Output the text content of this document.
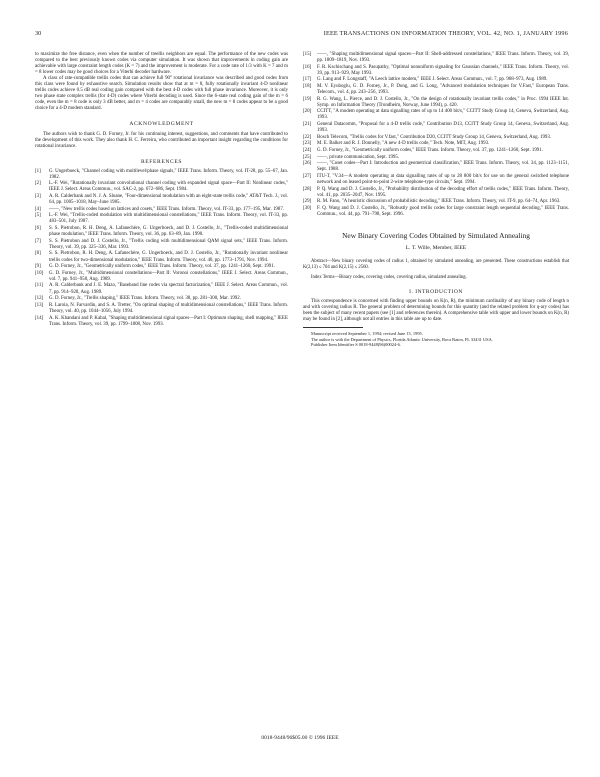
30	IEEE TRANSACTIONS ON INFORMATION THEORY, VOL. 42, NO. 1, JANUARY 1996

to maximize the free distance, even when the number of treellis neighbors are equal. The performance of the new codes was compared to the best previously known codes via computer simulation. It was shown that improvements in coding gain are achievable with large constraint length codes (K = 7) and the improvement is moderate. For a code rate of 1/3 with K = 7 and m = 8 lower codes may be good choices for a Viterbi decoder hardware.

A class of rate-compatible trellis codes that can achieve full 90° rotational invariance was described and good codes from this class were found by exhaustive search. Simulation results show that at m = 8, fully rotationally invariant 4-D nonlinear trellis codes achieve 0.5 dB real coding gain compared with the best 4-D codes with full phase invariance. Moreover, it is only two phase state complex trellis (for 4-D) codes where Viterbi decoding is used. Since the 6-state real coding gain of the m = 6 code, even the m = 8 code is only 3 dB better, and m = 4 codes are comparably small, the new m = 8 codes appear to be a good choice for a 4-D modem standard.

ACKNOWLEDGMENT

The authors wish to thank G. D. Forney, Jr. for his continuing interest, suggestions, and comments that have contributed to the development of this work. They also thank H. C. Ferreira, who contributed an important insight regarding the conditions for rotational invariance.

REFERENCES
[1]	G. Ungerboeck, "Channel coding with multilevel/phase signals," IEEE Trans. Inform. Theory, vol. IT-28, pp. 55–67, Jan. 1982.
[2]	L.-F. Wei, "Rotationally invariant convolutional channel coding with expanded signal space—Part II: Nonlinear codes," IEEE J. Select. Areas Commun., vol. SAC-2, pp. 672–686, Sept. 1984.
[3]	A. R. Calderbank and N. J. A. Sloane, "Four-dimensional modulation with an eight-state trellis code," AT&T Tech. J., vol. 64, pp. 1005–1018, May–June 1985.
[4]	——, "New trellis codes based on lattices and cosets," IEEE Trans. Inform. Theory, vol. IT-33, pp. 177–195, Mar. 1987.
[5]	L.-F. Wei, "Trellis-coded modulation with multidimensional constellations," IEEE Trans. Inform. Theory, vol. IT-33, pp. 483–501, July 1987.
[6]	S. S. Pietrobon, R. H. Deng, A. Lafanechère, G. Ungerboeck, and D. J. Costello, Jr., "Trellis-coded multidimensional phase modulation," IEEE Trans. Inform. Theory, vol. 36, pp. 63–89, Jan. 1990.
[7]	S. S. Pietrobon and D. J. Costello, Jr., "Trellis coding with multidimensional QAM signal sets," IEEE Trans. Inform. Theory, vol. 39, pp. 325–336, Mar. 1993.
[8]	S. S. Pietrobon, R. H. Deng, A. Lafanechère, G. Ungerboeck, and D. J. Costello, Jr., "Rotationally invariant nonlinear trellis codes for two-dimensional modulation," IEEE Trans. Inform. Theory, vol. 40, pp. 1773–1791, Nov. 1994.
[9]	G. D. Forney, Jr., "Geometrically uniform codes," IEEE Trans. Inform. Theory, vol. 37, pp. 1241–1260, Sept. 1991.
[10]	G. D. Forney, Jr., "Multidimensional constellations—Part II: Voronoi constellations," IEEE J. Select. Areas Commun., vol. 7, pp. 941–958, Aug. 1989.
[11]	A. R. Calderbank and J. E. Mazo, "Baseband line codes via spectral factorization," IEEE J. Select. Areas Commun., vol. 7, pp. 914–928, Aug. 1989.
[12]	G. D. Forney, Jr., "Trellis shaping," IEEE Trans. Inform. Theory, vol. 38, pp. 281–300, Mar. 1992.
[13]	R. Laroia, N. Farvardin, and S. A. Tretter, "On optimal shaping of multidimensional constellations," IEEE Trans. Inform. Theory, vol. 40, pp. 1044–1056, July 1994.
[14]	A. K. Khandani and P. Kabal, "Shaping multidimensional signal spaces—Part I: Optimum shaping, shell mapping," IEEE Trans. Inform. Theory, vol. 39, pp. 1799–1808, Nov. 1993.
[15]	——, "Shaping multidimensional signal spaces—Part II: Shell-addressed constellations," IEEE Trans. Inform. Theory, vol. 39, pp. 1809–1819, Nov. 1993.
[16]	F. R. Kschischang and S. Pasupathy, "Optimal nonuniform signaling for Gaussian channels," IEEE Trans. Inform. Theory, vol. 39, pp. 913–929, May 1993.
[17]	G. Lang and F. Longstaff, "A Leech lattice modem," IEEE J. Select. Areas Commun., vol. 7, pp. 968–973, Aug. 1989.
[18]	M. V. Eyuboglu, G. D. Forney, Jr., P. Dong, and G. Long, "Advanced modulation techniques for V.Fast," European Trans. Telecom., vol. 4, pp. 243–256, 1993.
[19]	R. G. Wang, L. Pierce, and D. J. Costello, Jr., "On the design of rotationally invariant trellis codes," in Proc. 1994 IEEE Int. Symp. on Information Theory (Trondheim, Norway, June 1994), p. 420.
[20]	CCITT, "A modem operating at data signalling rates of up to 14 400 bit/s," CCITT Study Group 14, Geneva, Switzerland, Aug. 1993.
[21]	General Datacomm, "Proposal for a 4-D trellis code," Contribution D13, CCITT Study Group 14, Geneva, Switzerland, Aug. 1993.
[22]	Bosch Telecom, "Trellis codes for V.fast," Contribution D20, CCITT Study Group 14, Geneva, Switzerland, Aug. 1993.
[23]	M. E. Balker and R. J. Donnelly, "A new 4-D trellis code," Tech. Note, MIT, Aug. 1993.
[24]	G. D. Forney, Jr., "Geometrically uniform codes," IEEE Trans. Inform. Theory, vol. 37, pp. 1241–1260, Sept. 1991.
[25]	——, private communication, Sept. 1995.
[26]	——, "Coset codes—Part I: Introduction and geometrical classification," IEEE Trans. Inform. Theory, vol. 34, pp. 1123–1151, Sept. 1988.
[27]	ITU-T, "V.34—A modem operating at data signalling rates of up to 28 800 bit/s for use on the general switched telephone network and on leased point-to-point 2-wire telephone-type circuits," Sept. 1994.
[28]	P. Q. Wang and D. J. Costello, Jr., "Probability distribution of the decoding effort of trellis codes," IEEE Trans. Inform. Theory, vol. 41, pp. 2035–2047, Nov. 1995.
[29]	R. M. Fano, "A heuristic discussion of probabilistic decoding," IEEE Trans. Inform. Theory, vol. IT-9, pp. 64–74, Apr. 1963.
[30]	F. Q. Wang and D. J. Costello, Jr., "Robustly good trellis codes for large constraint length sequential decoding," IEEE Trans. Commun., vol. 44, pp. 791–798, Sept. 1996.
New Binary Covering Codes Obtained by Simulated Annealing
L. T. Wille, Member, IEEE

Abstract—New binary covering codes of radius 1, obtained by simulated annealing, are presented. These constructions establish that K(2,13) ≤ 704 and K(2,15) ≤ 2560.

Index Terms—Binary codes, covering codes, covering radius, simulated annealing.

I. INTRODUCTION

This correspondence is concerned with finding upper bounds on K(n, R), the minimum cardinality of any binary code of length n and with covering radius R. The general problem of determining bounds for this quantity (and the related problem for q-ary codes) has been the subject of many recent papers (see [1] and references therein). A comprehensive table with upper and lower bounds on K(n, R) may be found in [2], although not all entries in this table are up to date.

Manuscript received September 1, 1994; revised June 15, 1995.

The author is with the Department of Physics, Florida Atlantic University, Boca Raton, FL 33431 USA.

Publisher Item Identifier S 0018-9448(96)00024-6.

0018-9448/96$05.00 © 1996 IEEE
